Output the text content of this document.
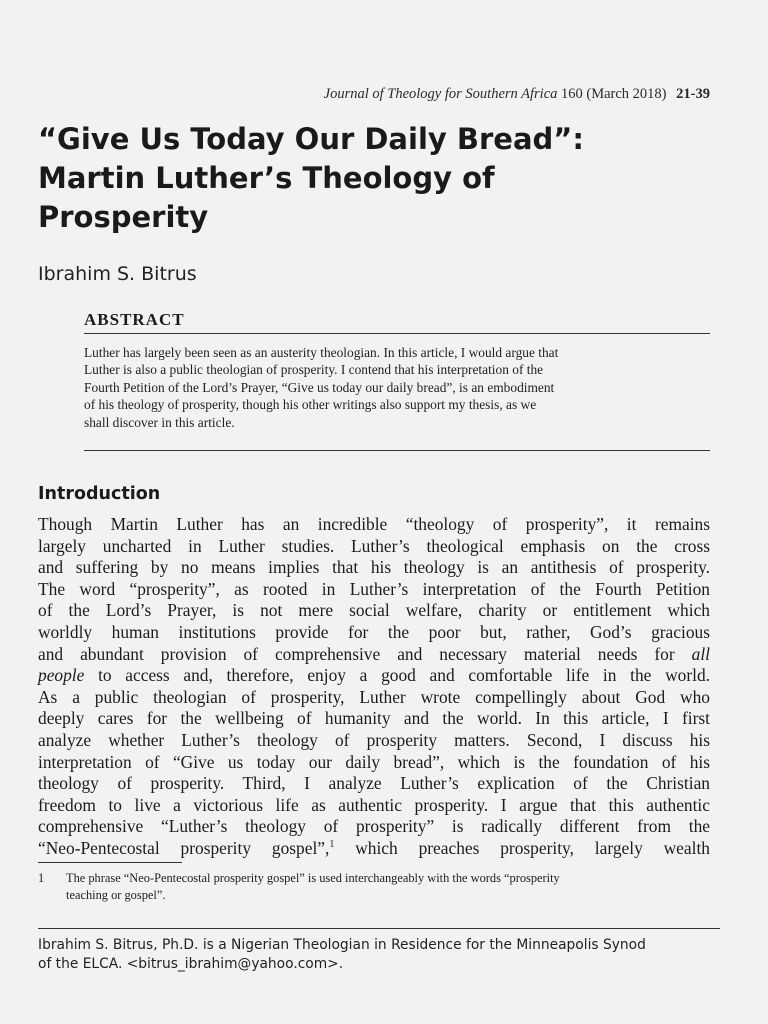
Journal of Theology for Southern Africa 160 (March 2018) 21-39
“Give Us Today Our Daily Bread”:
Martin Luther’s Theology of
Prosperity
Ibrahim S. Bitrus
ABSTRACT
Luther has largely been seen as an austerity theologian. In this article, I would argue that
Luther is also a public theologian of prosperity. I contend that his interpretation of the
Fourth Petition of the Lord’s Prayer, “Give us today our daily bread”, is an embodiment
of his theology of prosperity, though his other writings also support my thesis, as we
shall discover in this article.
Introduction
Though Martin Luther has an incredible “theology of prosperity”, it remains
largely uncharted in Luther studies. Luther’s theological emphasis on the cross
and suffering by no means implies that his theology is an antithesis of prosperity.
The word “prosperity”, as rooted in Luther’s interpretation of the Fourth Petition
of the Lord’s Prayer, is not mere social welfare, charity or entitlement which
worldly human institutions provide for the poor but, rather, God’s gracious
and abundant provision of comprehensive and necessary material needs for all
people to access and, therefore, enjoy a good and comfortable life in the world.
As a public theologian of prosperity, Luther wrote compellingly about God who
deeply cares for the wellbeing of humanity and the world. In this article, I first
analyze whether Luther’s theology of prosperity matters. Second, I discuss his
interpretation of “Give us today our daily bread”, which is the foundation of his
theology of prosperity. Third, I analyze Luther’s explication of the Christian
freedom to live a victorious life as authentic prosperity. I argue that this authentic
comprehensive “Luther’s theology of prosperity” is radically different from the
“Neo-Pentecostal prosperity gospel”,$^1$ which preaches prosperity, largely wealth
1 The phrase “Neo-Pentecostal prosperity gospel” is used interchangeably with the words “prosperity
teaching or gospel”.
Ibrahim S. Bitrus, Ph.D. is a Nigerian Theologian in Residence for the Minneapolis Synod
of the ELCA. <bitrus_ibrahim@yahoo.com>.
